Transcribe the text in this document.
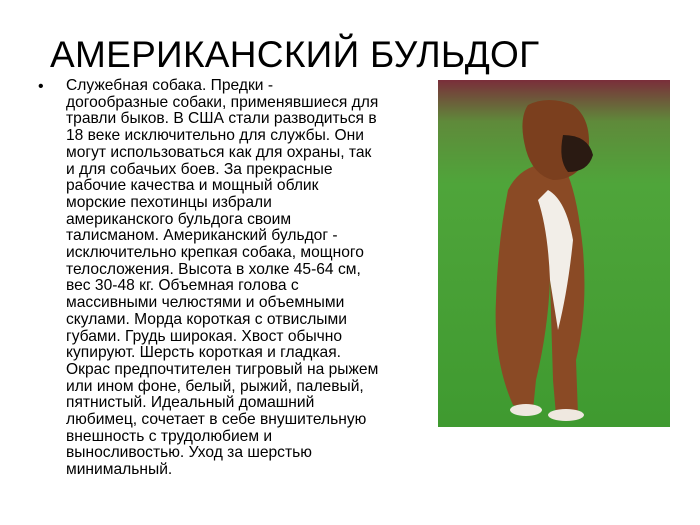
АМЕРИКАНСКИЙ БУЛЬДОГ
• Служебная собака. Предки -
догообразные собаки, применявшиеся для
травли быков. В США стали разводиться в
18 веке исключительно для службы. Они
могут использоваться как для охраны, так
и для собачьих боев. За прекрасные
рабочие качества и мощный облик
морские пехотинцы избрали
американского бульдога своим
талисманом. Американский бульдог -
исключительно крепкая собака, мощного
телосложения. Высота в холке 45-64 см,
вес 30-48 кг. Объемная голова с
массивными челюстями и объемными
скулами. Морда короткая с отвислыми
губами. Грудь широкая. Хвост обычно
купируют. Шерсть короткая и гладкая.
Окрас предпочтителен тигровый на рыжем
или ином фоне, белый, рыжий, палевый,
пятнистый. Идеальный домашний
любимец, сочетает в себе внушительную
внешность с трудолюбием и
выносливостью. Уход за шерстью
минимальный.
